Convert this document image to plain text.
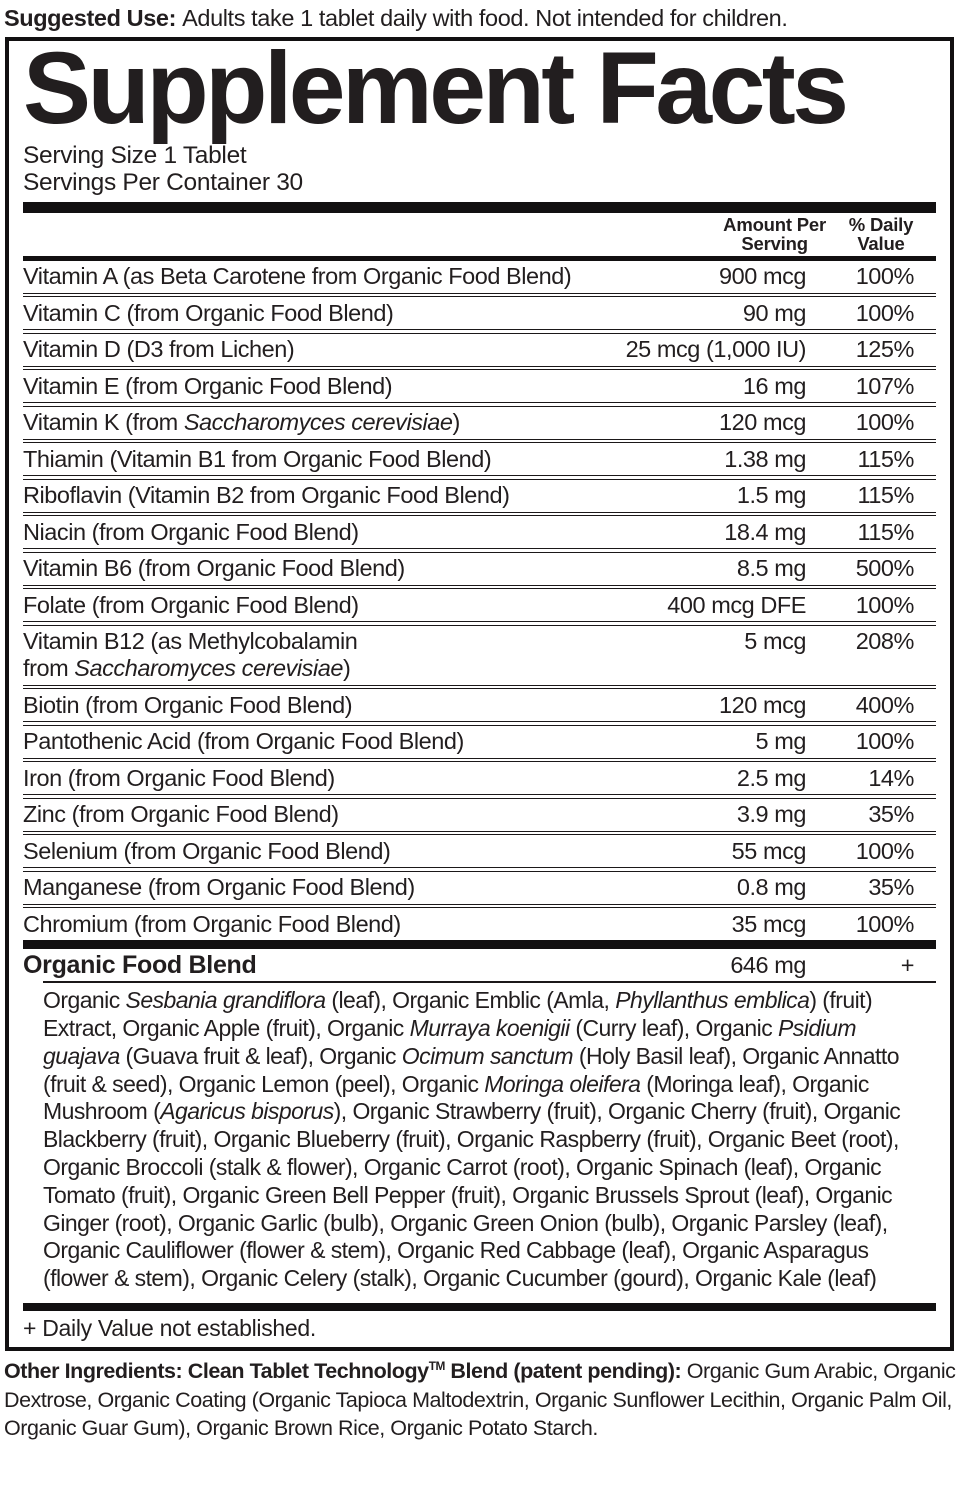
Suggested Use: Adults take 1 tablet daily with food. Not intended for children.

Supplement Facts

Serving Size 1 Tablet

Servings Per Container 30

Amount Per
Serving
% Daily
Value
Vitamin A (as Beta Carotene from Organic Food Blend)	900 mcg 100%
Vitamin C (from Organic Food Blend)	90 mg 100%
Vitamin D (D3 from Lichen)	25 mcg (1,000 IU) 125%
Vitamin E (from Organic Food Blend)	16 mg 107%
Vitamin K (from Saccharomyces cerevisiae)	120 mcg 100%
Thiamin (Vitamin B1 from Organic Food Blend)	1.38 mg 115%
Riboflavin (Vitamin B2 from Organic Food Blend)	1.5 mg 115%
Niacin (from Organic Food Blend)	18.4 mg 115%
Vitamin B6 (from Organic Food Blend)	8.5 mg 500%
Folate (from Organic Food Blend)	400 mcg DFE 100%
Vitamin B12 (as Methylcobalamin
from Saccharomyces cerevisiae)
5 mcg 208%
Biotin (from Organic Food Blend)	120 mcg 400%
Pantothenic Acid (from Organic Food Blend)	5 mg 100%
Iron (from Organic Food Blend)	2.5 mg	14%
Zinc (from Organic Food Blend)	3.9 mg	35%
Selenium (from Organic Food Blend)	55 mcg 100%
Manganese (from Organic Food Blend)	0.8 mg	35%
Chromium (from Organic Food Blend)	35 mcg 100%
Organic Food Blend	646 mg	+

Organic Sesbania grandiflora (leaf), Organic Emblic (Amla, Phyllanthus emblica) (fruit) Extract, Organic Apple (fruit), Organic Murraya koenigii (Curry leaf), Organic Psidium guajava (Guava fruit & leaf), Organic Ocimum sanctum (Holy Basil leaf), Organic Annatto (fruit & seed), Organic Lemon (peel), Organic Moringa oleifera (Moringa leaf), Organic Mushroom (Agaricus bisporus), Organic Strawberry (fruit), Organic Cherry (fruit), Organic Blackberry (fruit), Organic Blueberry (fruit), Organic Raspberry (fruit), Organic Beet (root), Organic Broccoli (stalk & flower), Organic Carrot (root), Organic Spinach (leaf), Organic Tomato (fruit), Organic Green Bell Pepper (fruit), Organic Brussels Sprout (leaf), Organic Ginger (root), Organic Garlic (bulb), Organic Green Onion (bulb), Organic Parsley (leaf), Organic Cauliflower (flower & stem), Organic Red Cabbage (leaf), Organic Asparagus (flower & stem), Organic Celery (stalk), Organic Cucumber (gourd), Organic Kale (leaf)

+ Daily Value not established.

Other Ingredients: Clean Tablet Technology™ Blend (patent pending): Organic Gum Arabic, Organic Dextrose, Organic Coating (Organic Tapioca Maltodextrin, Organic Sunflower Lecithin, Organic Palm Oil, Organic Guar Gum), Organic Brown Rice, Organic Potato Starch.
